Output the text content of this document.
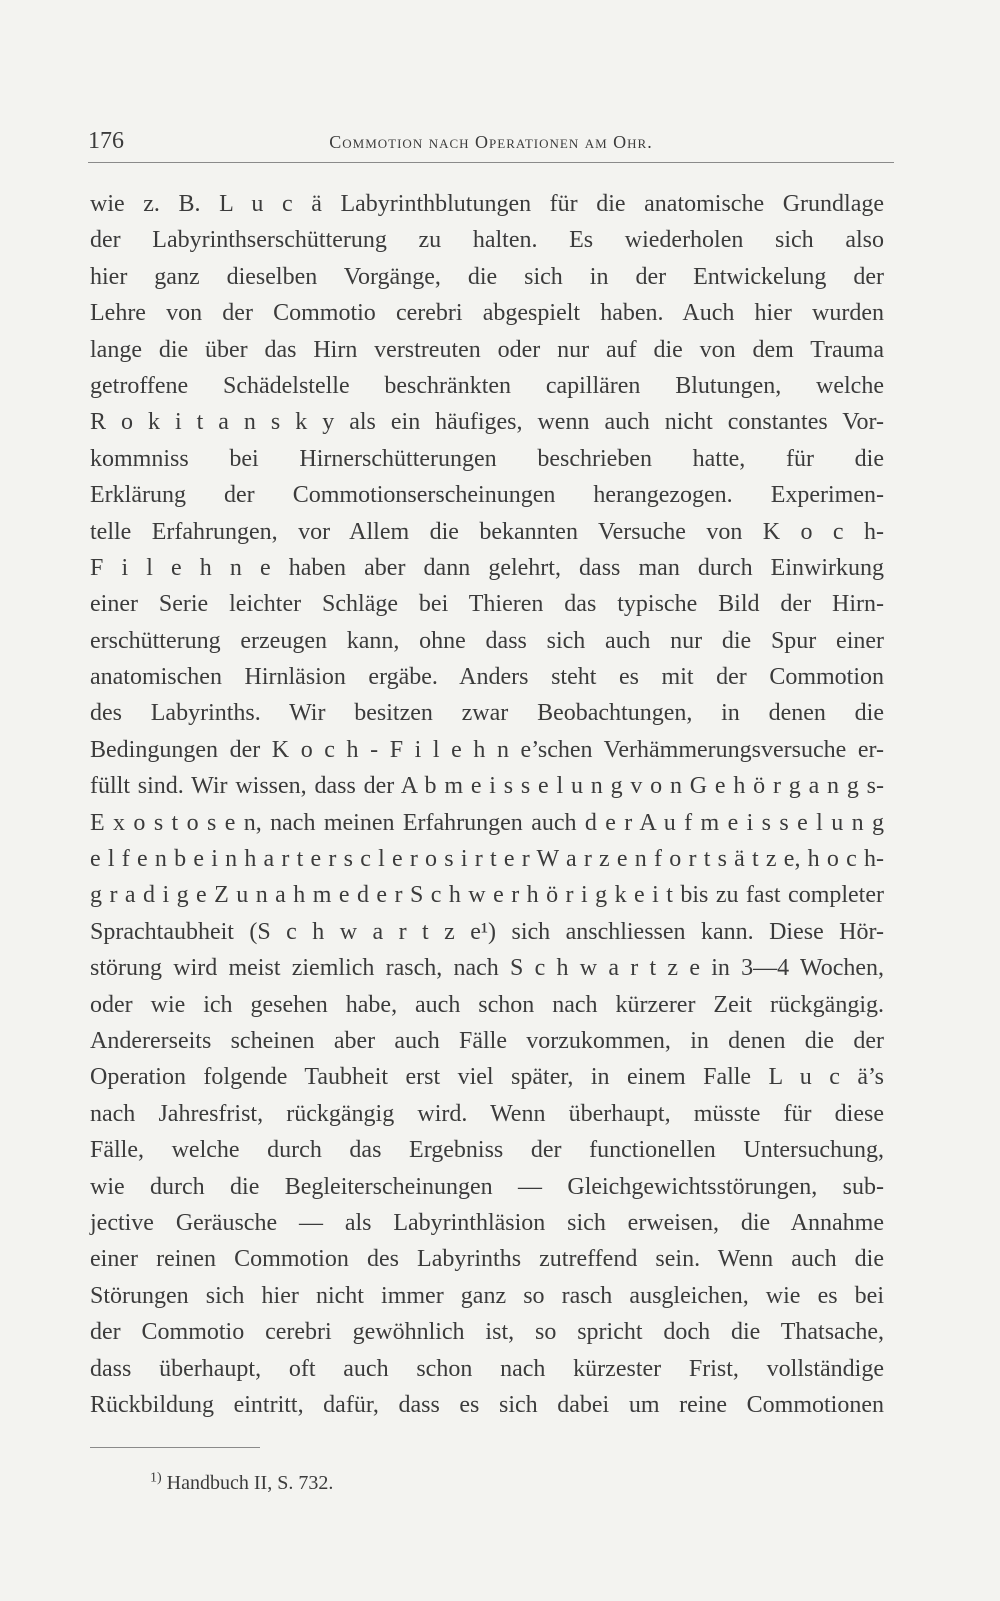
176	Commotion nach Operationen am Ohr.
wie z. B. L u c ä Labyrinthblutungen für die anatomische Grundlage
der Labyrinthserschütterung zu halten. Es wiederholen sich also
hier ganz dieselben Vorgänge, die sich in der Entwickelung der
Lehre von der Commotio cerebri abgespielt haben. Auch hier wurden
lange die über das Hirn verstreuten oder nur auf die von dem Trauma
getroffene Schädelstelle beschränkten capillären Blutungen, welche
R o k i t a n s k y als ein häufiges, wenn auch nicht constantes Vor-
kommniss bei Hirnerschütterungen beschrieben hatte, für die
Erklärung der Commotionserscheinungen herangezogen. Experimen-
telle Erfahrungen, vor Allem die bekannten Versuche von K o c h-
F i l e h n e haben aber dann gelehrt, dass man durch Einwirkung
einer Serie leichter Schläge bei Thieren das typische Bild der Hirn-
erschütterung erzeugen kann, ohne dass sich auch nur die Spur einer
anatomischen Hirnläsion ergäbe. Anders steht es mit der Commotion
des Labyrinths. Wir besitzen zwar Beobachtungen, in denen die
Bedingungen der K o c h - F i l e h n e’schen Verhämmerungsversuche er-
füllt sind. Wir wissen, dass der A b m e i s s e l u n g v o n G e h ö r g a n g s-
E x o s t o s e n, nach meinen Erfahrungen auch d e r A u f m e i s s e l u n g
e l f e n b e i n h a r t e r s c l e r o s i r t e r W a r z e n f o r t s ä t z e, h o c h-
g r a d i g e Z u n a h m e d e r S c h w e r h ö r i g k e i t bis zu fast completer
Sprachtaubheit (S c h w a r t z e¹) sich anschliessen kann. Diese Hör-
störung wird meist ziemlich rasch, nach S c h w a r t z e in 3—4 Wochen,
oder wie ich gesehen habe, auch schon nach kürzerer Zeit rückgängig.
Andererseits scheinen aber auch Fälle vorzukommen, in denen die der
Operation folgende Taubheit erst viel später, in einem Falle L u c ä’s
nach Jahresfrist, rückgängig wird. Wenn überhaupt, müsste für diese
Fälle, welche durch das Ergebniss der functionellen Untersuchung,
wie durch die Begleiterscheinungen — Gleichgewichtsstörungen, sub-
jective Geräusche — als Labyrinthläsion sich erweisen, die Annahme
einer reinen Commotion des Labyrinths zutreffend sein. Wenn auch die
Störungen sich hier nicht immer ganz so rasch ausgleichen, wie es bei
der Commotio cerebri gewöhnlich ist, so spricht doch die Thatsache,
dass überhaupt, oft auch schon nach kürzester Frist, vollständige
Rückbildung eintritt, dafür, dass es sich dabei um reine Commotionen
$^{1)}$ Handbuch II, S. 732.
